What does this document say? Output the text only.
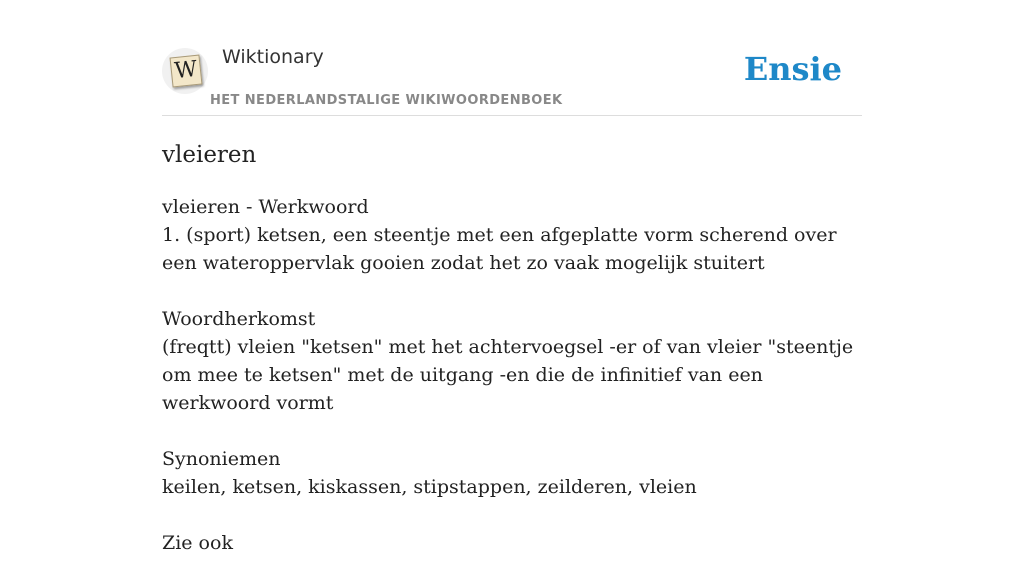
W Wiktionary
HET NEDERLANDSTALIGE WIKIWOORDENBOEK
Ensie
vleieren

vleieren - Werkwoord

1. (sport) ketsen, een steentje met een afgeplatte vorm scherend over een wateroppervlak gooien zodat het zo vaak mogelijk stuitert

Woordherkomst

(freqtt) vleien "ketsen" met het achtervoegsel -er of van vleier "steentje om mee te ketsen" met de uitgang -en die de infinitief van een werkwoord vormt

Synoniemen

keilen, ketsen, kiskassen, stipstappen, zeilderen, vleien

Zie ook
